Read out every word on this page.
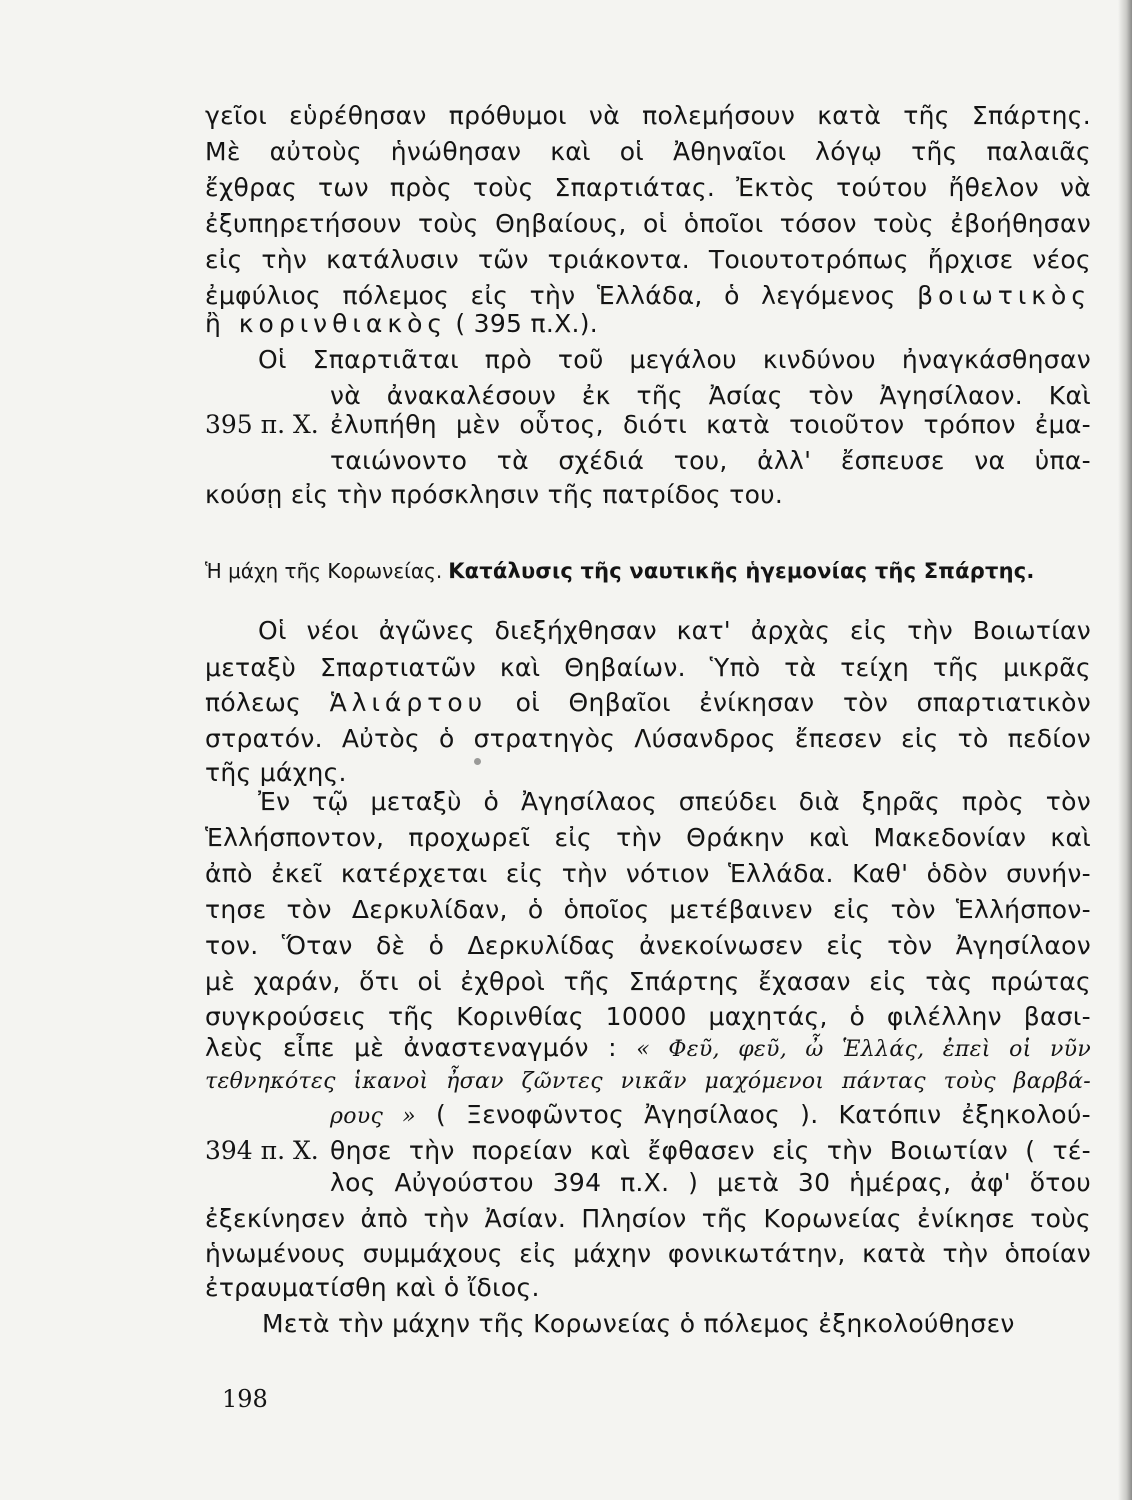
γεῖοι εὑρέθησαν πρόθυμοι νὰ πολεμήσουν κατὰ τῆς Σπάρτης.
Μὲ αὐτοὺς ἡνώθησαν καὶ οἱ Ἀθηναῖοι λόγῳ τῆς παλαιᾶς
ἔχθρας των πρὸς τοὺς Σπαρτιάτας. Ἐκτὸς τούτου ἤθελον νὰ
ἐξυπηρετήσουν τοὺς Θηβαίους, οἱ ὁποῖοι τόσον τοὺς ἐβοήθησαν
εἰς τὴν κατάλυσιν τῶν τριάκοντα. Τοιουτοτρόπως ἤρχισε νέος
ἐμφύλιος πόλεμος εἰς τὴν Ἑλλάδα, ὁ λεγόμενος βοιωτικὸς
ἢ κορινθιακὸς ( 395 π.Χ.).
Οἱ Σπαρτιᾶται πρὸ τοῦ μεγάλου κινδύνου ἠναγκάσθησαν
νὰ ἀνακαλέσουν ἐκ τῆς Ἀσίας τὸν Ἀγησίλαον. Καὶ
395 π. Χ. ἐλυπήθη μὲν οὗτος, διότι κατὰ τοιοῦτον τρόπον ἐμα-
ταιώνοντο τὰ σχέδιά του, ἀλλ' ἔσπευσε να ὑπα-
κούσῃ εἰς τὴν πρόσκλησιν τῆς πατρίδος του.
Ἡ μάχη τῆς Κορωνείας. Κατάλυσις τῆς ναυτικῆς ἡγεμονίας τῆς Σπάρτης.
Οἱ νέοι ἀγῶνες διεξήχθησαν κατ' ἀρχὰς εἰς τὴν Βοιωτίαν
μεταξὺ Σπαρτιατῶν καὶ Θηβαίων. Ὑπὸ τὰ τείχη τῆς μικρᾶς
πόλεως Ἁλιάρτου οἱ Θηβαῖοι ἐνίκησαν τὸν σπαρτιατικὸν
στρατόν. Αὐτὸς ὁ στρατηγὸς Λύσανδρος ἔπεσεν εἰς τὸ πεδίον
τῆς μάχης.
Ἐν τῷ μεταξὺ ὁ Ἀγησίλαος σπεύδει διὰ ξηρᾶς πρὸς τὸν
Ἑλλήσποντον, προχωρεῖ εἰς τὴν Θράκην καὶ Μακεδονίαν καὶ
ἀπὸ ἐκεῖ κατέρχεται εἰς τὴν νότιον Ἑλλάδα. Καθ' ὁδὸν συνήν-
τησε τὸν Δερκυλίδαν, ὁ ὁποῖος μετέβαινεν εἰς τὸν Ἑλλήσπον-
τον. Ὅταν δὲ ὁ Δερκυλίδας ἀνεκοίνωσεν εἰς τὸν Ἀγησίλαον
μὲ χαράν, ὅτι οἱ ἐχθροὶ τῆς Σπάρτης ἔχασαν εἰς τὰς πρώτας
συγκρούσεις τῆς Κορινθίας 10000 μαχητάς, ὁ φιλέλλην βασι-
λεὺς εἶπε μὲ ἀναστεναγμόν : « Φεῦ, φεῦ, ὦ Ἑλλάς, ἐπεὶ οἱ νῦν
τεθνηκότες ἱκανοὶ ἦσαν ζῶντες νικᾶν μαχόμενοι πάντας τοὺς βαρβά-
ρους » ( Ξενοφῶντος Ἀγησίλαος ). Κατόπιν ἐξηκολού-
394 π. Χ. θησε τὴν πορείαν καὶ ἔφθασεν εἰς τὴν Βοιωτίαν ( τέ-
λος Αὐγούστου 394 π.Χ. ) μετὰ 30 ἡμέρας, ἀφ' ὅτου
ἐξεκίνησεν ἀπὸ τὴν Ἀσίαν. Πλησίον τῆς Κορωνείας ἐνίκησε τοὺς
ἡνωμένους συμμάχους εἰς μάχην φονικωτάτην, κατὰ τὴν ὁποίαν
ἐτραυματίσθη καὶ ὁ ἴδιος.
Μετὰ τὴν μάχην τῆς Κορωνείας ὁ πόλεμος ἐξηκολούθησεν
198
